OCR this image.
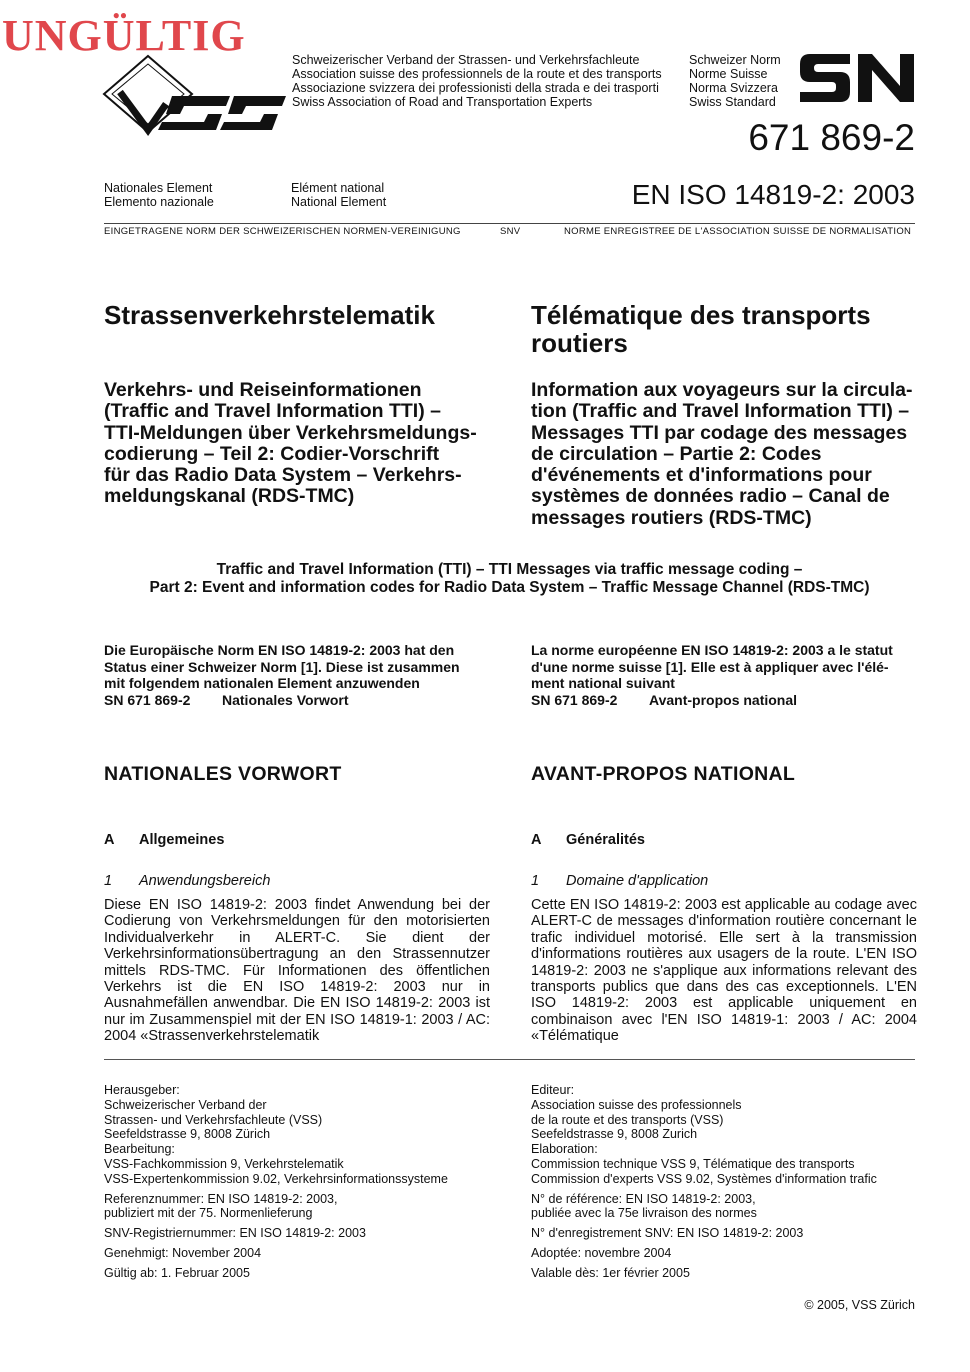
UNGÜLTIG	Schweizerischer Verband der Strassen- und Verkehrsfachleute
Association suisse des professionnels de la route et des transports
Associazione svizzera dei professionisti della strada e dei trasporti
Swiss Association of Road and Transportation Experts
Schweizer Norm
Norme Suisse
Norma Svizzera
Swiss Standard
671 869-2
Nationales Element
Elemento nazionale
Elément national
National Element	EN ISO 14819-2: 2003
EINGETRAGENE NORM DER SCHWEIZERISCHEN NORMEN-VEREINIGUNG	SNV	NORME ENREGISTREE DE L'ASSOCIATION SUISSE DE NORMALISATION
Strassenverkehrstelematik	Télématique des transports
routiers
Verkehrs- und Reiseinformationen
(Traffic and Travel Information TTI) –
TTI-Meldungen über Verkehrsmeldungs-
codierung – Teil 2: Codier-Vorschrift
für das Radio Data System – Verkehrs-
meldungskanal (RDS-TMC)
Information aux voyageurs sur la circula-
tion (Traffic and Travel Information TTI) –
Messages TTI par codage des messages
de circulation – Partie 2: Codes
d'événements et d'informations pour
systèmes de données radio – Canal de
messages routiers (RDS-TMC)
Traffic and Travel Information (TTI) – TTI Messages via traffic message coding –
Part 2: Event and information codes for Radio Data System – Traffic Message Channel (RDS-TMC)
Die Europäische Norm EN ISO 14819-2: 2003 hat den
Status einer Schweizer Norm [1]. Diese ist zusammen
mit folgendem nationalen Element anzuwenden
SN 671 869-2	Nationales Vorwort
La norme européenne EN ISO 14819-2: 2003 a le statut
d'une norme suisse [1]. Elle est à appliquer avec l'élé-
ment national suivant
SN 671 869-2	Avant-propos national
NATIONALES VORWORT	AVANT-PROPOS NATIONAL
A Allgemeines	A Généralités
1 Anwendungsbereich	1 Domaine d'application
Diese EN ISO 14819-2: 2003 findet Anwendung bei der Codierung von Verkehrsmeldungen für den motorisierten Individualverkehr in ALERT-C. Sie dient der Verkehrsinformationsübertragung an den Strassennutzer mittels RDS-TMC. Für Informationen des öffentlichen Verkehrs ist die EN ISO 14819-2: 2003 nur in Ausnahmefällen anwendbar. Die EN ISO 14819-2: 2003 ist nur im Zusammenspiel mit der EN ISO 14819-1: 2003 / AC: 2004 «Strassenverkehrstelematik
Cette EN ISO 14819-2: 2003 est applicable au codage avec ALERT-C de messages d'information routière concernant le trafic individuel motorisé. Elle sert à la transmission d'informations routières aux usagers de la route. L'EN ISO 14819-2: 2003 ne s'applique aux informations relevant des transports publics que dans des cas exceptionnels. L'EN ISO 14819-2: 2003 est applicable uniquement en combinaison avec l'EN ISO 14819-1: 2003 / AC: 2004 «Télématique
Herausgeber:
Schweizerischer Verband der
Strassen- und Verkehrsfachleute (VSS)
Seefeldstrasse 9, 8008 Zürich
Bearbeitung:
VSS-Fachkommission 9, Verkehrstelematik
VSS-Expertenkommission 9.02, Verkehrsinformationssysteme
Referenznummer: EN ISO 14819-2: 2003,
publiziert mit der 75. Normenlieferung
SNV-Registriernummer: EN ISO 14819-2: 2003
Genehmigt: November 2004
Gültig ab: 1. Februar 2005
Editeur:
Association suisse des professionnels
de la route et des transports (VSS)
Seefeldstrasse 9, 8008 Zurich
Elaboration:
Commission technique VSS 9, Télématique des transports
Commission d'experts VSS 9.02, Systèmes d'information trafic
N° de référence: EN ISO 14819-2: 2003,
publiée avec la 75e livraison des normes
N° d'enregistrement SNV: EN ISO 14819-2: 2003
Adoptée: novembre 2004
Valable dès: 1er février 2005
© 2005, VSS Zürich
